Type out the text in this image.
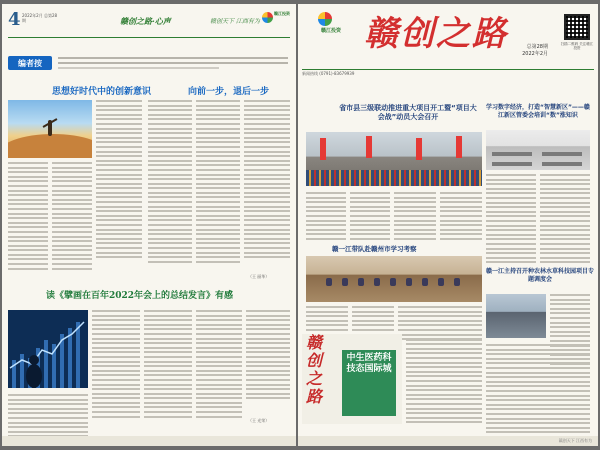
4 2022年2月 总第28期	赣创之路·心声	赣创天下 江西有为
赣江投资
编者按
思想好时代中的创新意识	向前一步，退后一步
（王 丽华）
读《擘画在百年2022年会上的总结发言》有感
（王 光荣）
赣江投资 赣创之路	总第28期
2022年2月
扫描二维码 关注赣江投资
新闻热线 (0791)-83679939
省市县三级联动推进重大项目开工暨“项目大会战”动员大会召开
学习数字经济，打造“智慧新区”——赣江新区管委会培训“数”涨知识
赣一江带队赴赣州市学习考察
赣一江主持召开种农林水草科技园项目专题调度会
赣创之路
中生医药科技态国际城
赣创天下 江西有为
